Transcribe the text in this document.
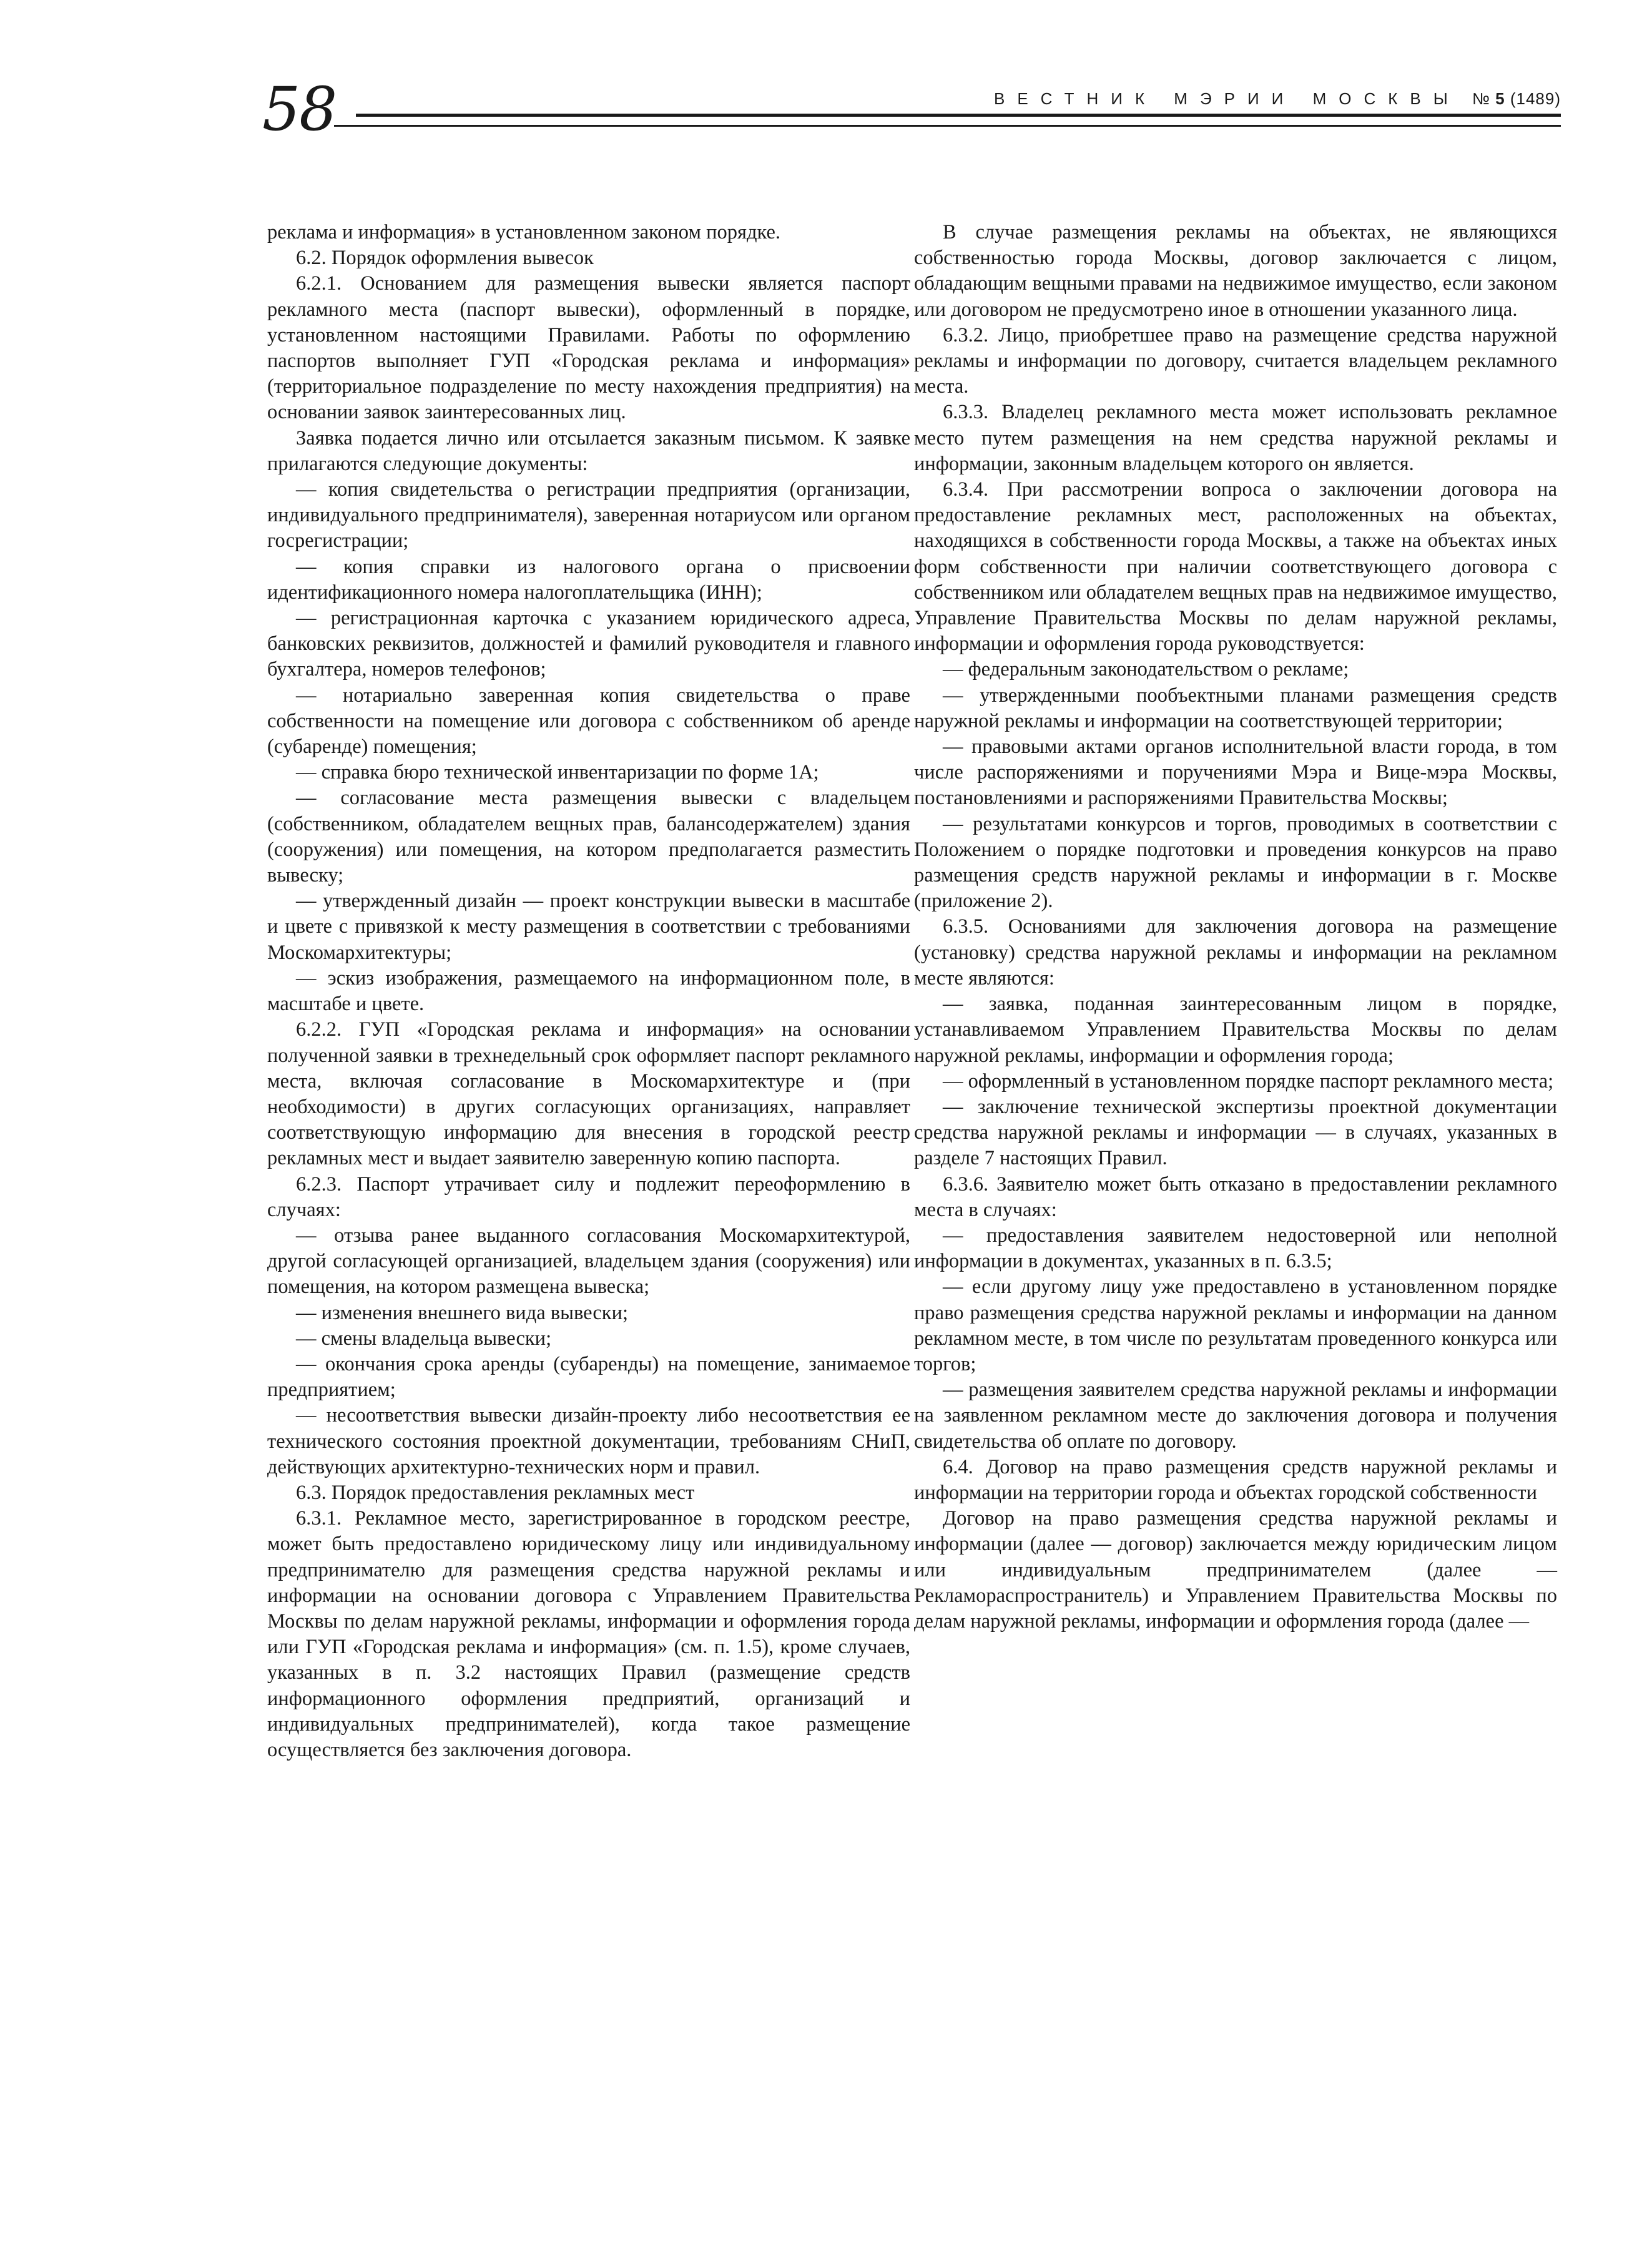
58	ВЕСТНИК МЭРИИ МОСКВЫ № 5 (1489)

реклама и информация» в установленном законом порядке.

6.2. Порядок оформления вывесок

6.2.1. Основанием для размещения вывески является паспорт рекламного места (паспорт вывески), оформленный в порядке, установленном настоящими Правилами. Работы по оформлению паспортов выполняет ГУП «Городская реклама и информация» (территориальное подразделение по месту нахождения предприятия) на основании заявок заинтересованных лиц.

Заявка подается лично или отсылается заказным письмом. К заявке прилагаются следующие документы:

— копия свидетельства о регистрации предприятия (организации, индивидуального предпринимателя), заверенная нотариусом или органом госрегистрации;

— копия справки из налогового органа о присвоении идентификационного номера налогоплательщика (ИНН);

— регистрационная карточка с указанием юридического адреса, банковских реквизитов, должностей и фамилий руководителя и главного бухгалтера, номеров телефонов;

— нотариально заверенная копия свидетельства о праве собственности на помещение или договора с собственником об аренде (субаренде) помещения;

— справка бюро технической инвентаризации по форме 1А;

— согласование места размещения вывески с владельцем (собственником, обладателем вещных прав, балансодержателем) здания (сооружения) или помещения, на котором предполагается разместить вывеску;

— утвержденный дизайн — проект конструкции вывески в масштабе и цвете с привязкой к месту размещения в соответствии с требованиями Москомархитектуры;

— эскиз изображения, размещаемого на информационном поле, в масштабе и цвете.

6.2.2. ГУП «Городская реклама и информация» на основании полученной заявки в трехнедельный срок оформляет паспорт рекламного места, включая согласование в Москомархитектуре и (при необходимости) в других согласующих организациях, направляет соответствующую информацию для внесения в городской реестр рекламных мест и выдает заявителю заверенную копию паспорта.

6.2.3. Паспорт утрачивает силу и подлежит переоформлению в случаях:

— отзыва ранее выданного согласования Москомархитектурой, другой согласующей организацией, владельцем здания (сооружения) или помещения, на котором размещена вывеска;

— изменения внешнего вида вывески;

— смены владельца вывески;

— окончания срока аренды (субаренды) на помещение, занимаемое предприятием;

— несоответствия вывески дизайн-проекту либо несоответствия ее технического состояния проектной документации, требованиям СНиП, действующих архитектурно-технических норм и правил.

6.3. Порядок предоставления рекламных мест

6.3.1. Рекламное место, зарегистрированное в городском реестре, может быть предоставлено юридическому лицу или индивидуальному предпринимателю для размещения средства наружной рекламы и информации на основании договора с Управлением Правительства Москвы по делам наружной рекламы, информации и оформления города или ГУП «Городская реклама и информация» (см. п. 1.5), кроме случаев, указанных в п. 3.2 настоящих Правил (размещение средств информационного оформления предприятий, организаций и индивидуальных предпринимателей), когда такое размещение осуществляется без заключения договора.

В случае размещения рекламы на объектах, не являющихся собственностью города Москвы, договор заключается с лицом, обладающим вещными правами на недвижимое имущество, если законом или договором не предусмотрено иное в отношении указанного лица.

6.3.2. Лицо, приобретшее право на размещение средства наружной рекламы и информации по договору, считается владельцем рекламного места.

6.3.3. Владелец рекламного места может использовать рекламное место путем размещения на нем средства наружной рекламы и информации, законным владельцем которого он является.

6.3.4. При рассмотрении вопроса о заключении договора на предоставление рекламных мест, расположенных на объектах, находящихся в собственности города Москвы, а также на объектах иных форм собственности при наличии соответствующего договора с собственником или обладателем вещных прав на недвижимое имущество, Управление Правительства Москвы по делам наружной рекламы, информации и оформления города руководствуется:

— федеральным законодательством о рекламе;

— утвержденными пообъектными планами размещения средств наружной рекламы и информации на соответствующей территории;

— правовыми актами органов исполнительной власти города, в том числе распоряжениями и поручениями Мэра и Вице-мэра Москвы, постановлениями и распоряжениями Правительства Москвы;

— результатами конкурсов и торгов, проводимых в соответствии с Положением о порядке подготовки и проведения конкурсов на право размещения средств наружной рекламы и информации в г. Москве (приложение 2).

6.3.5. Основаниями для заключения договора на размещение (установку) средства наружной рекламы и информации на рекламном месте являются:

— заявка, поданная заинтересованным лицом в порядке, устанавливаемом Управлением Правительства Москвы по делам наружной рекламы, информации и оформления города;

— оформленный в установленном порядке паспорт рекламного места;

— заключение технической экспертизы проектной документации средства наружной рекламы и информации — в случаях, указанных в разделе 7 настоящих Правил.

6.3.6. Заявителю может быть отказано в предоставлении рекламного места в случаях:

— предоставления заявителем недостоверной или неполной информации в документах, указанных в п. 6.3.5;

— если другому лицу уже предоставлено в установленном порядке право размещения средства наружной рекламы и информации на данном рекламном месте, в том числе по результатам проведенного конкурса или торгов;

— размещения заявителем средства наружной рекламы и информации на заявленном рекламном месте до заключения договора и получения свидетельства об оплате по договору.

6.4. Договор на право размещения средств наружной рекламы и информации на территории города и объектах городской собственности

Договор на право размещения средства наружной рекламы и информации (далее — договор) заключается между юридическим лицом или индивидуальным предпринимателем (далее — Рекламораспространитель) и Управлением Правительства Москвы по делам наружной рекламы, информации и оформления города (далее —
